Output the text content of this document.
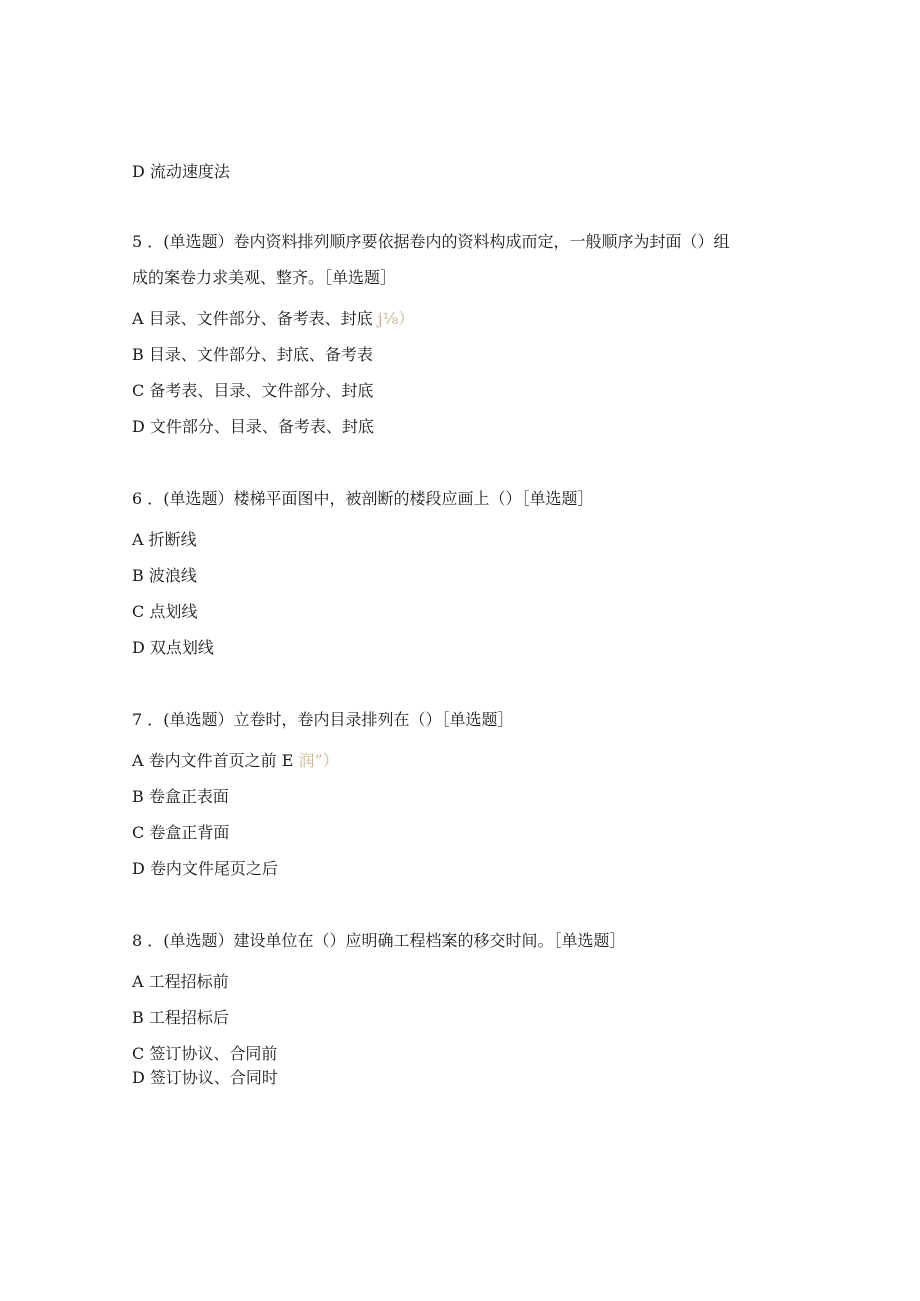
D 流动速度法
5 ．(单选题）卷内资料排列顺序要依据卷内的资料构成而定，一般顺序为封面（）组
成的案卷力求美观、整齐。［单选题］
A 目录、文件部分、备考表、封底 j⅛）
B 目录、文件部分、封底、备考表
C 备考表、目录、文件部分、封底
D 文件部分、目录、备考表、封底
6 ．(单选题）楼梯平面图中，被剖断的楼段应画上（）［单选题］
A 折断线
B 波浪线
C 点划线
D 双点划线
7 ．(单选题）立卷时，卷内目录排列在（）［单选题］
A 卷内文件首页之前 E 润”）
B 卷盒正表面
C 卷盒正背面
D 卷内文件尾页之后
8 ．(单选题）建设单位在（）应明确工程档案的移交时间。［单选题］
A 工程招标前
B 工程招标后
C 签订协议、合同前
D 签订协议、合同时
